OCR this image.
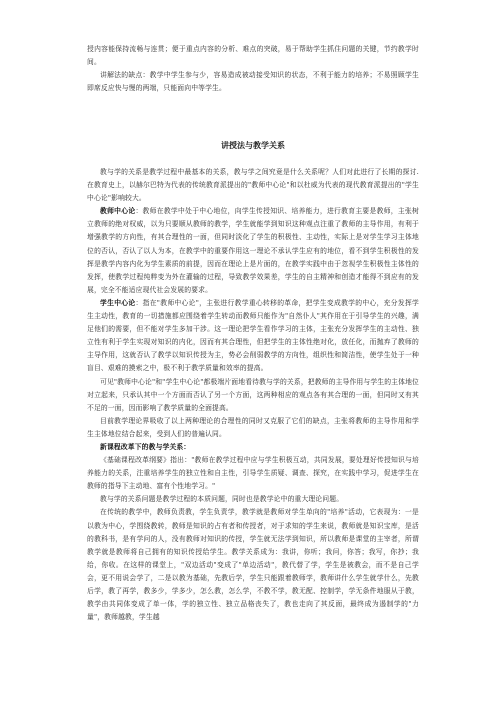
授内容能保持流畅与连贯；便于重点内容的分析、难点的突破，易于帮助学生抓住问题的关键，节约教学时间。

讲解法的缺点：教学中学生参与少，容易造成被动接受知识的状态，不利于能力的培养；不易照顾学生即席反应快与慢的两端，只能面向中等学生。

讲授法与教学关系

教与学的关系是教学过程中最基本的关系，教与学之间究竟是什么关系呢？人们对此进行了长期的探讨.在教育史上，以赫尔巴特为代表的传统教育派提出的"教师中心论"和以杜威为代表的现代教育派提出的"学生中心论"影响较大。

教师中心论：教师在教学中处于中心地位，向学生传授知识、培养能力，进行教育主要是教师，主张树立教师的绝对权威，以为只要顺从教师的教学，学生就能学到知识这种观点注重了教师的主导作用，有利于增强教学的方向性，有其合理性的一面，但同时淡化了学生的积极性、主动性，实际上是对学生学习主体地位的否认，否认了以人为本，在教学中的重要作用这一理论不承认学生应有的地位，看不到学生积极性的发挥是教学内容内化为学生素质的前提，因而在理论上是片面的，在教学实践中由于忽视学生积极性主体性的发挥，使教学过程纯粹变为外在灌输的过程，导致教学效果差，学生的自主精神和创造才能得不到应有的发展，完全不能适应现代社会发展的要求。

学生中心论：指在"教师中心论"，主张进行教学重心转移的革命，把学生变成教学的中心，充分发挥学生主动性，教育的一切措施都应围绕着学生转动而教师只能作为"自然仆人"其作用在于引导学生的兴趣，满足他们的需要，但不能对学生多加干涉。这一理论把学生看作学习的主体，主张充分发挥学生的主动性、独立性有利于学生实现对知识的内化，因而有其合理性，但把学生的主体性绝对化，放任化，而抛弃了教师的主导作用，这就否认了教学以知识传授为主，势必会削弱教学的方向性，组织性和简洁性，使学生处于一种盲目、艰难的摸索之中，极不利于教学质量和效率的提高。

可见"教师中心论"和"学生中心论"都极端片面地看待教与学的关系，把教师的主导作用与学生的主体地位对立起来，只承认其中一个方面而否认了另一个方面，这两种相应的观点各有其合理的一面，但同时又有其不足的一面，因而影响了教学质量的全面提高。

目前教学理论界吸收了以上两种理论的合理性的同时又克服了它们的缺点，主张将教师的主导作用和学生主体地位结合起来，受到人们的普遍认同。

新课程改革下的教与学关系：

《基础课程改革纲要》指出："教师在教学过程中应与学生积极互动，共同发展，要处理好传授知识与培养能力的关系，注重培养学生的独立性和自主性，引导学生质疑、调查、探究，在实践中学习，促进学生在教师的指导下主动地、富有个性地学习。"

教与学的关系问题是教学过程的本质问题，同时也是教学论中的重大理论问题。

在传统的教学中，教师负责教，学生负责学，教学就是教师对学生单向的"培养"活动，它表现为：一是以教为中心，学围绕教转，教师是知识的占有者和传授者，对于求知的学生来说，教师就是知识宝库，是活的教科书，是有学问的人，没有教师对知识的传授，学生就无法学到知识，所以教师是课堂的主宰者，所谓教学就是教师将自己拥有的知识传授给学生。教学关系成为：我讲，你听；我问，你答；我写，你抄；我给，你收。在这样的课堂上，"双边活动"变成了"单边活动"，教代替了学，学生是被教会，而不是自己学会，更不用说会学了，二是以教为基础，先教后学，学生只能跟着教师学，教师讲什么学生就学什么，先教后学，教了再学，教多少，学多少，怎么教，怎么学，不教不学，教无配、控制学，学无条件地服从于教，教学由共同体变成了单一体，学的独立性、独立品格丧失了，教也走向了其反面，最终成为遏制学的"力量"，教师越教，学生越
